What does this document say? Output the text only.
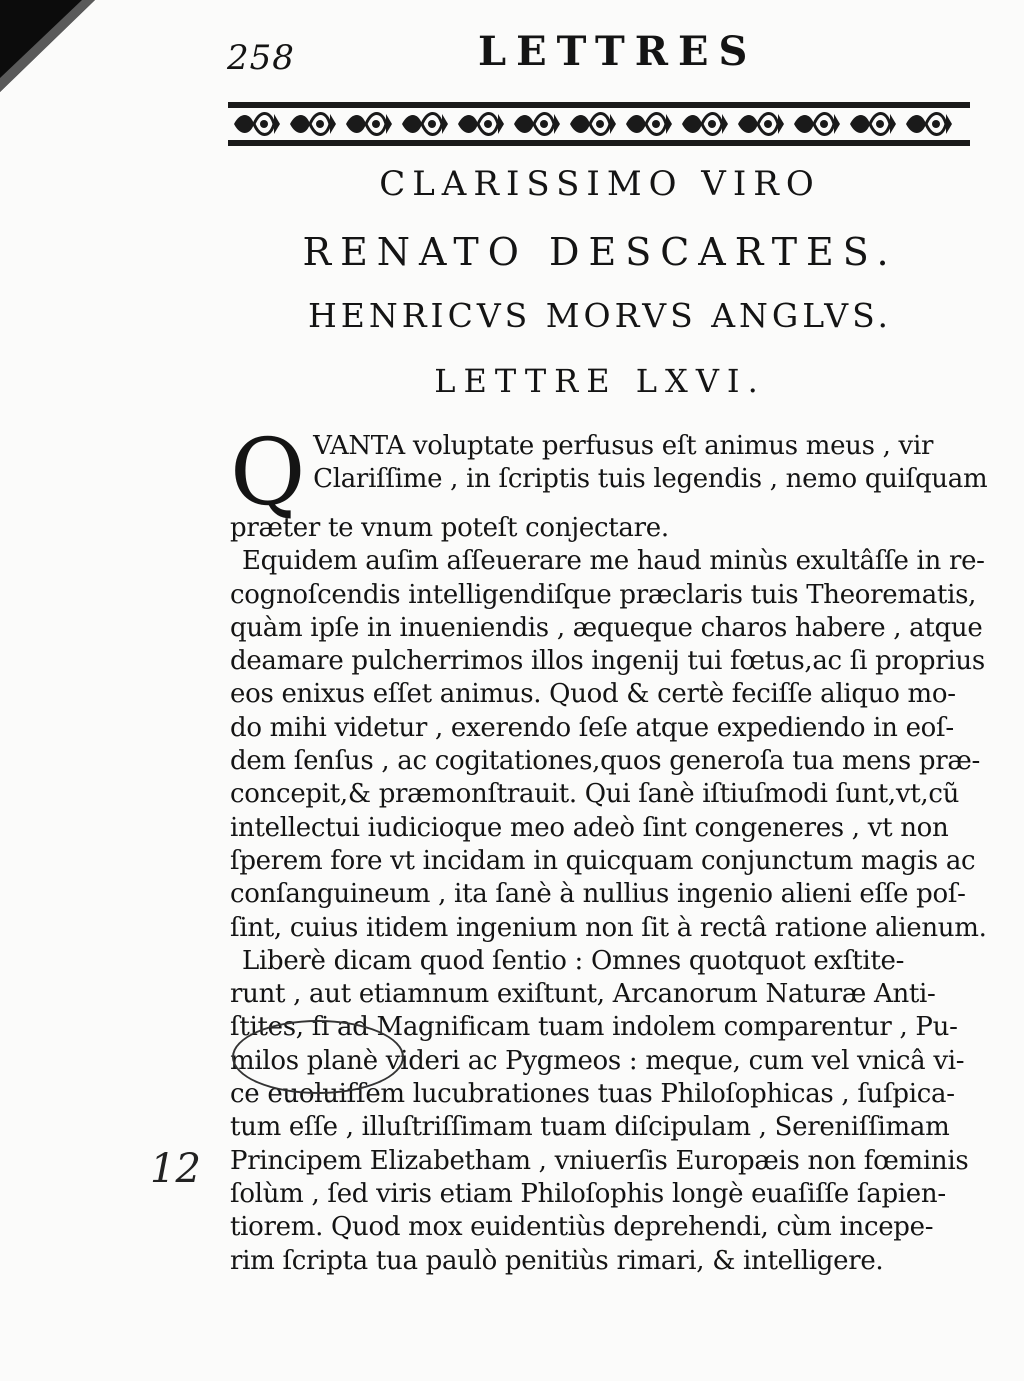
258	LETTRES
CLARISSIMO VIRO
RENATO DESCARTES.
HENRICVS MORVS ANGLVS.
LETTRE LXVI.
Q VANTA voluptate perfusus eſt animus meus , vir
Clariſſime , in ſcriptis tuis legendis , nemo quiſquam
præter te vnum poteſt conjectare.
Equidem auſim aſſeuerare me haud minùs exultâſſe in re-
cognoſcendis intelligendiſque præclaris tuis Theorematis,
quàm ipſe in inueniendis , æqueque charos habere , atque
deamare pulcherrimos illos ingenij tui fœtus,ac ſi proprius
eos enixus eſſet animus. Quod & certè feciſſe aliquo mo-
do mihi videtur , exerendo ſeſe atque expediendo in eoſ-
dem ſenſus , ac cogitationes,quos generoſa tua mens præ-
concepit,& præmonſtrauit. Qui ſanè iſtiuſmodi ſunt,vt,cũ
intellectui iudicioque meo adeò ſint congeneres , vt non
ſperem fore vt incidam in quicquam conjunctum magis ac
conſanguineum , ita ſanè à nullius ingenio alieni eſſe poſ-
ſint, cuius itidem ingenium non ſit à rectâ ratione alienum.
Liberè dicam quod ſentio : Omnes quotquot exſtite-
runt , aut etiamnum exiſtunt, Arcanorum Naturæ Anti-
ſtites, ſi ad Magnificam tuam indolem comparentur , Pu-
milos planè videri ac Pygmeos : meque, cum vel vnicâ vi-
ce euoluiſſem lucubrationes tuas Philoſophicas , ſuſpica-
tum eſſe , illuſtriſſimam tuam diſcipulam , Sereniſſimam
Principem Elizabetham , vniuerſis Europæis non fœminis
ſolùm , ſed viris etiam Philoſophis longè euaſiſſe ſapien-
tiorem. Quod mox euidentiùs deprehendi, cùm incepe-
rim ſcripta tua paulò penitiùs rimari, & intelligere.
12
